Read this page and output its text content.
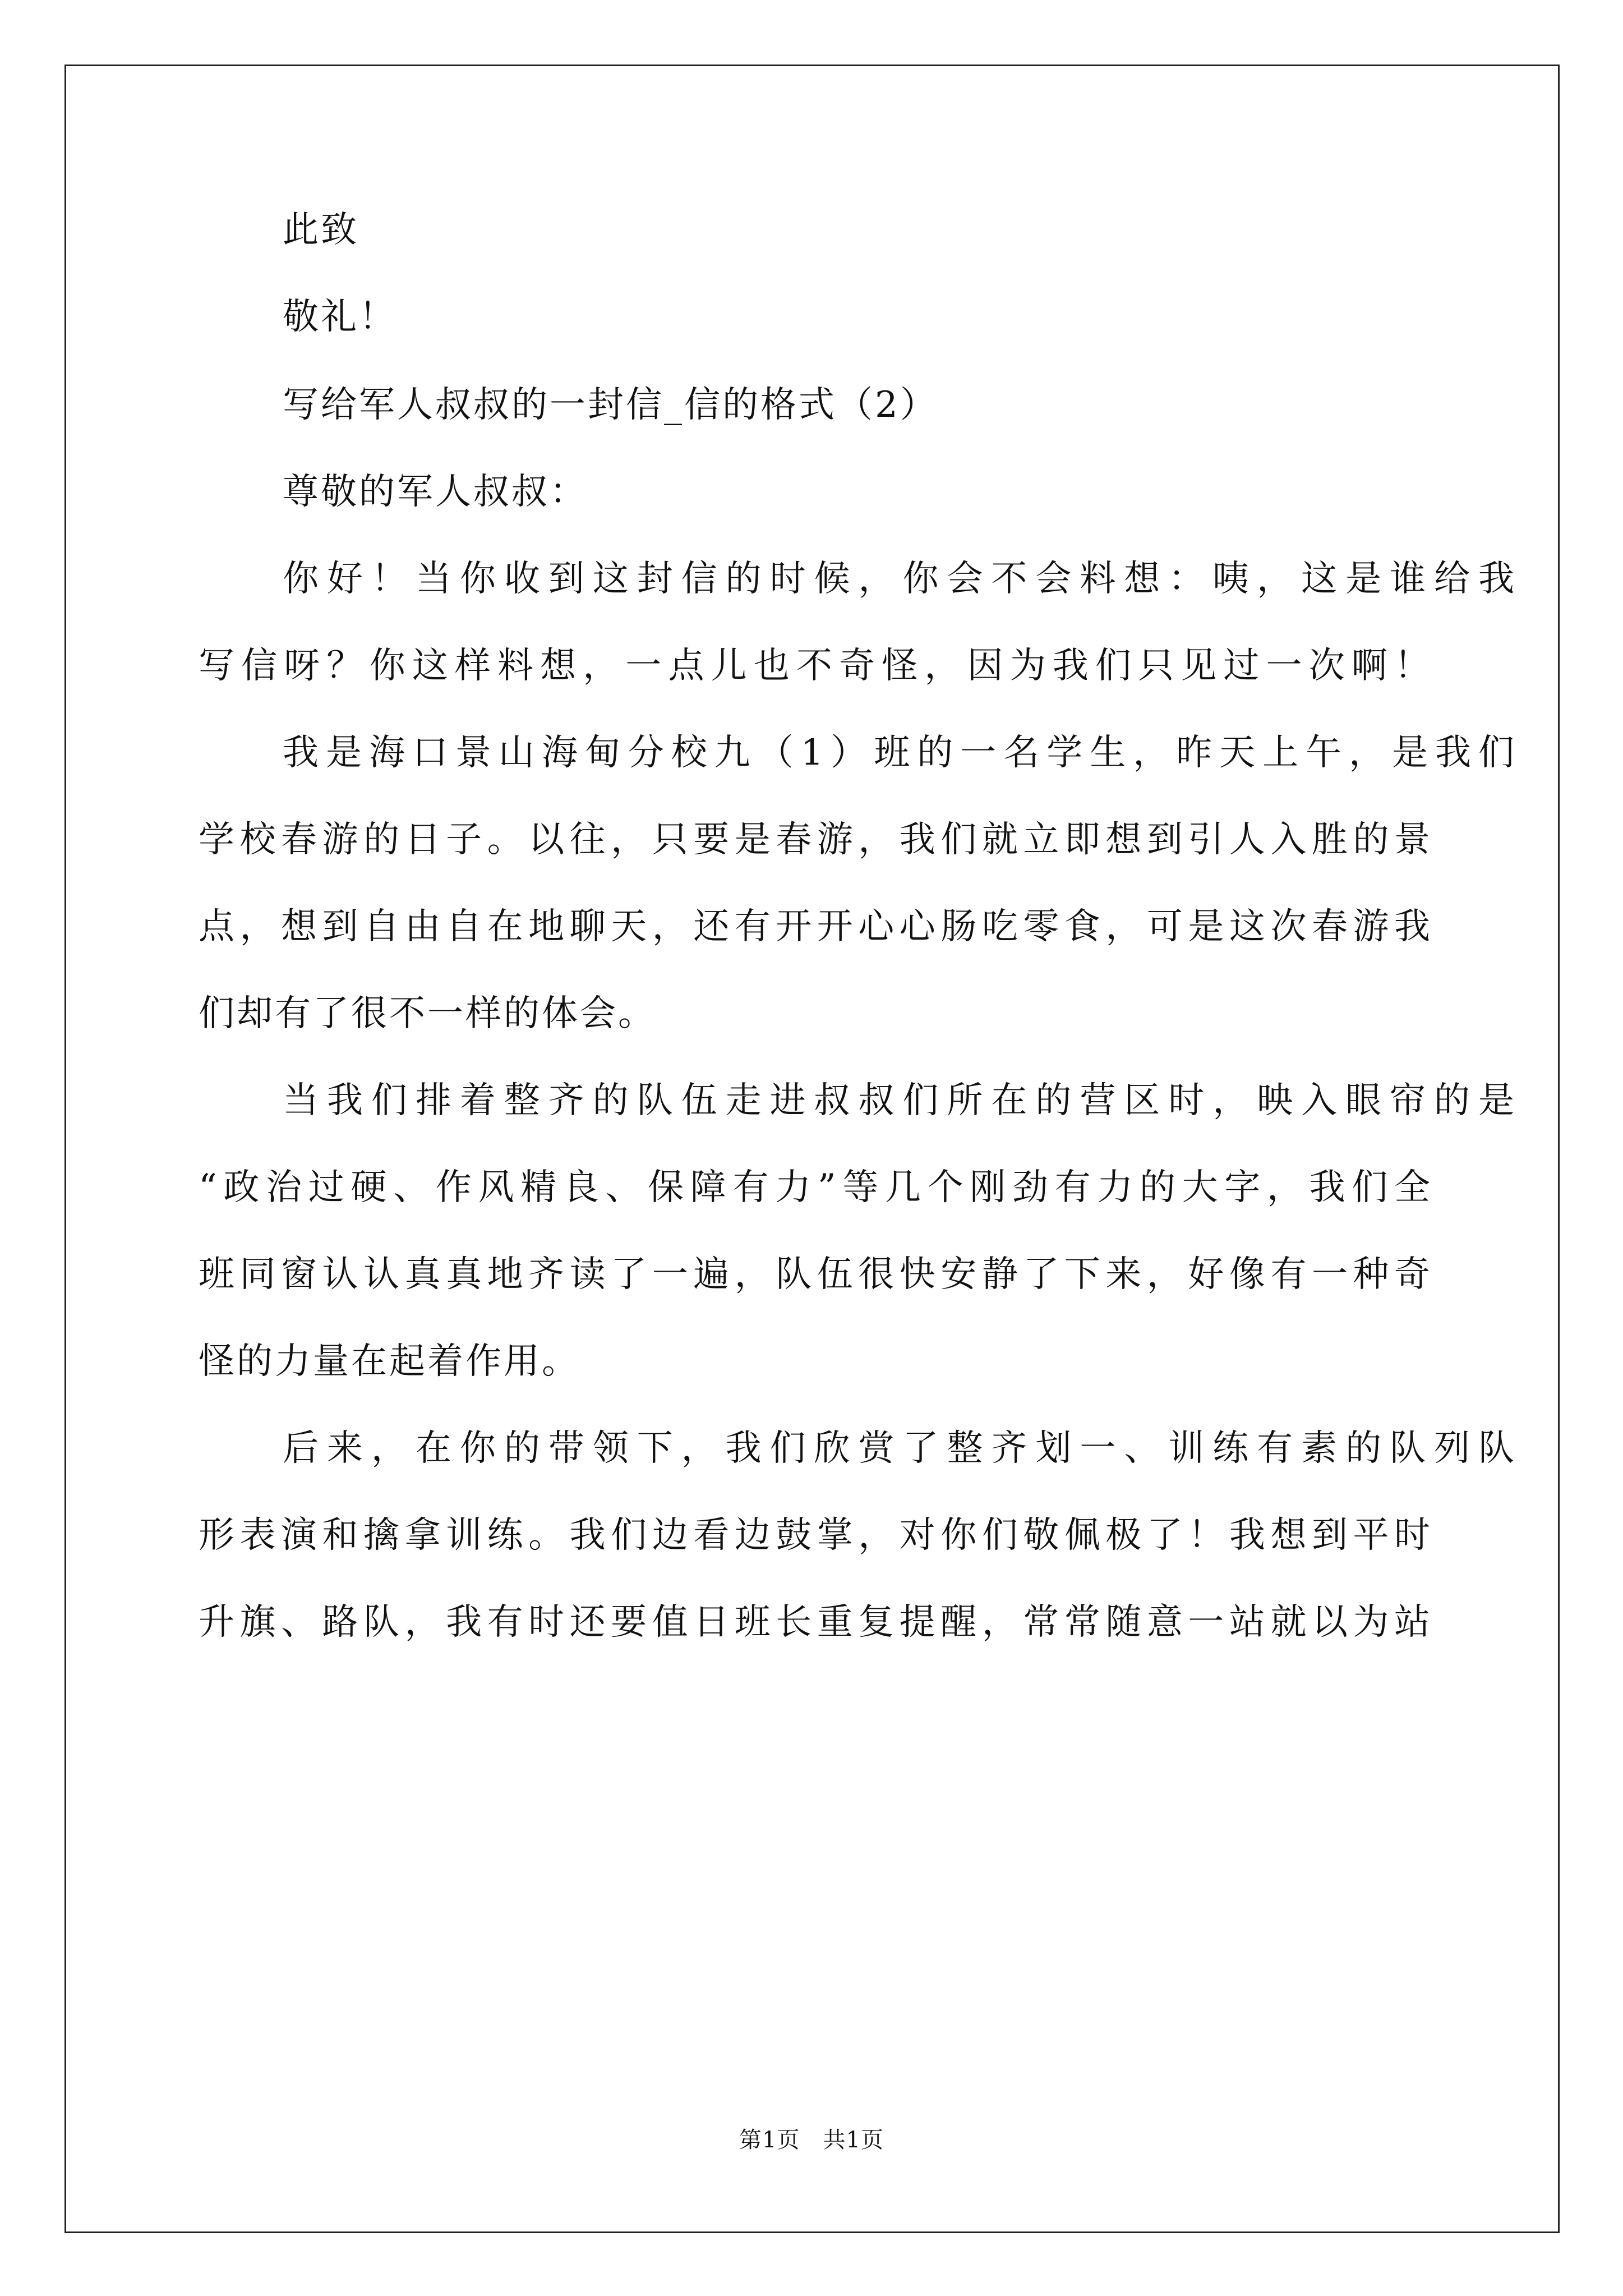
此致
敬礼！
写给军人叔叔的一封信_信的格式（2）
尊敬的军人叔叔：
你好！当你收到这封信的时候，你会不会料想：咦，这是谁给我
写信呀？你这样料想，一点儿也不奇怪，因为我们只见过一次啊！
我是海口景山海甸分校九（1）班的一名学生，昨天上午，是我们
学校春游的日子。以往，只要是春游，我们就立即想到引人入胜的景
点，想到自由自在地聊天，还有开开心心肠吃零食，可是这次春游我
们却有了很不一样的体会。
当我们排着整齐的队伍走进叔叔们所在的营区时，映入眼帘的是
“政治过硬、作风精良、保障有力”等几个刚劲有力的大字，我们全
班同窗认认真真地齐读了一遍，队伍很快安静了下来，好像有一种奇
怪的力量在起着作用。
后来，在你的带领下，我们欣赏了整齐划一、训练有素的队列队
形表演和擒拿训练。我们边看边鼓掌，对你们敬佩极了！我想到平时
升旗、路队，我有时还要值日班长重复提醒，常常随意一站就以为站
第1页　共1页
